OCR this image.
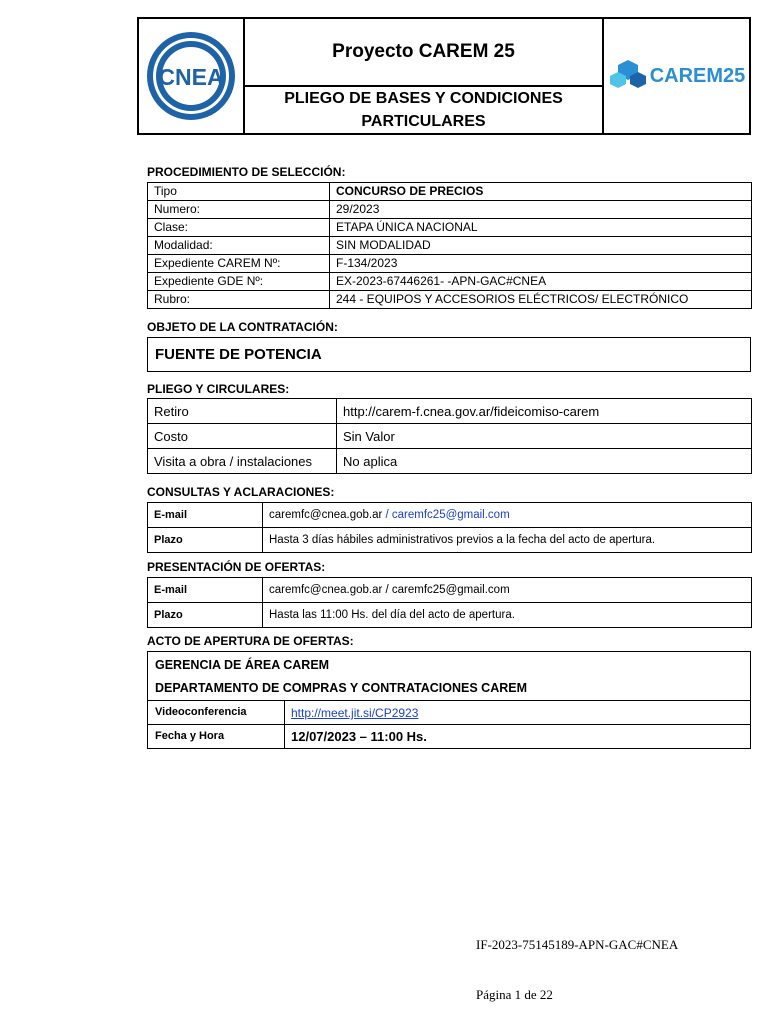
CNEA
Proyecto CAREM 25
PLIEGO DE BASES Y CONDICIONES
PARTICULARES
CAREM25
PROCEDIMIENTO DE SELECCIÓN:
Tipo	CONCURSO DE PRECIOS
Numero:	29/2023
Clase:	ETAPA ÚNICA NACIONAL
Modalidad:	SIN MODALIDAD
Expediente CAREM Nº:	F-134/2023
Expediente GDE Nº:	EX-2023-67446261- -APN-GAC#CNEA
Rubro:	244 - EQUIPOS Y ACCESORIOS ELÉCTRICOS/ ELECTRÓNICO
OBJETO DE LA CONTRATACIÓN:
FUENTE DE POTENCIA
PLIEGO Y CIRCULARES:
Retiro	http://carem-f.cnea.gov.ar/fideicomiso-carem
Costo	Sin Valor
Visita a obra / instalaciones	No aplica
CONSULTAS Y ACLARACIONES:
E-mail	caremfc@cnea.gob.ar / caremfc25@gmail.com
Plazo	Hasta 3 días hábiles administrativos previos a la fecha del acto de apertura.
PRESENTACIÓN DE OFERTAS:
E-mail	caremfc@cnea.gob.ar / caremfc25@gmail.com
Plazo	Hasta las 11:00 Hs. del día del acto de apertura.
ACTO DE APERTURA DE OFERTAS:
GERENCIA DE ÁREA CAREM
DEPARTAMENTO DE COMPRAS Y CONTRATACIONES CAREM
Videoconferencia	http://meet.jit.si/CP2923
Fecha y Hora	12/07/2023 – 11:00 Hs.
IF-2023-75145189-APN-GAC#CNEA
Página 1 de 22
